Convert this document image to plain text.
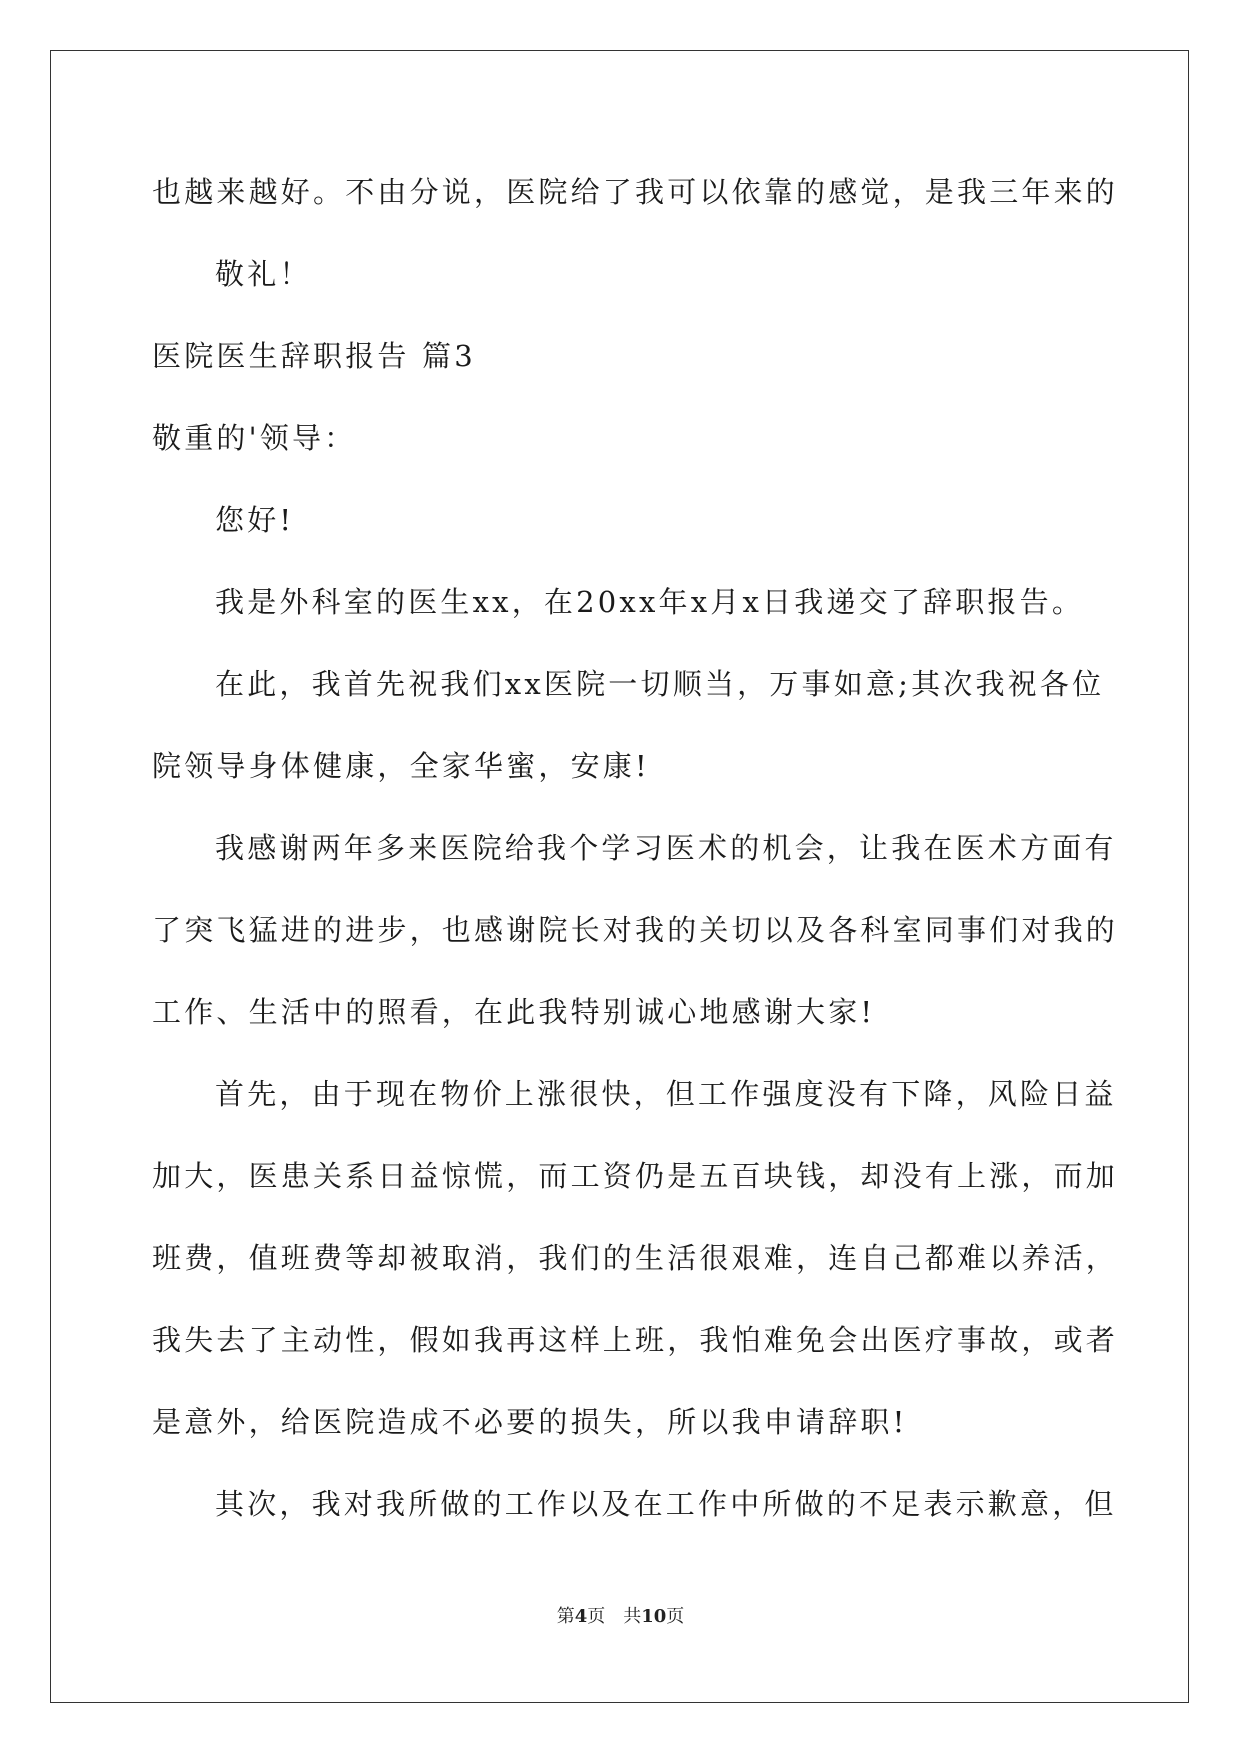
也越来越好。不由分说，医院给了我可以依靠的感觉，是我三年来的
敬礼！
医院医生辞职报告 篇3
敬重的'领导：
您好!
我是外科室的医生xx，在20xx年x月x日我递交了辞职报告。
在此，我首先祝我们xx医院一切顺当，万事如意;其次我祝各位
院领导身体健康，全家华蜜，安康!
我感谢两年多来医院给我个学习医术的机会，让我在医术方面有
了突飞猛进的进步，也感谢院长对我的关切以及各科室同事们对我的
工作、生活中的照看，在此我特别诚心地感谢大家!
首先，由于现在物价上涨很快，但工作强度没有下降，风险日益
加大，医患关系日益惊慌，而工资仍是五百块钱，却没有上涨，而加
班费，值班费等却被取消，我们的生活很艰难，连自己都难以养活，
我失去了主动性，假如我再这样上班，我怕难免会出医疗事故，或者
是意外，给医院造成不必要的损失，所以我申请辞职!
其次，我对我所做的工作以及在工作中所做的不足表示歉意，但
第4页　共10页
